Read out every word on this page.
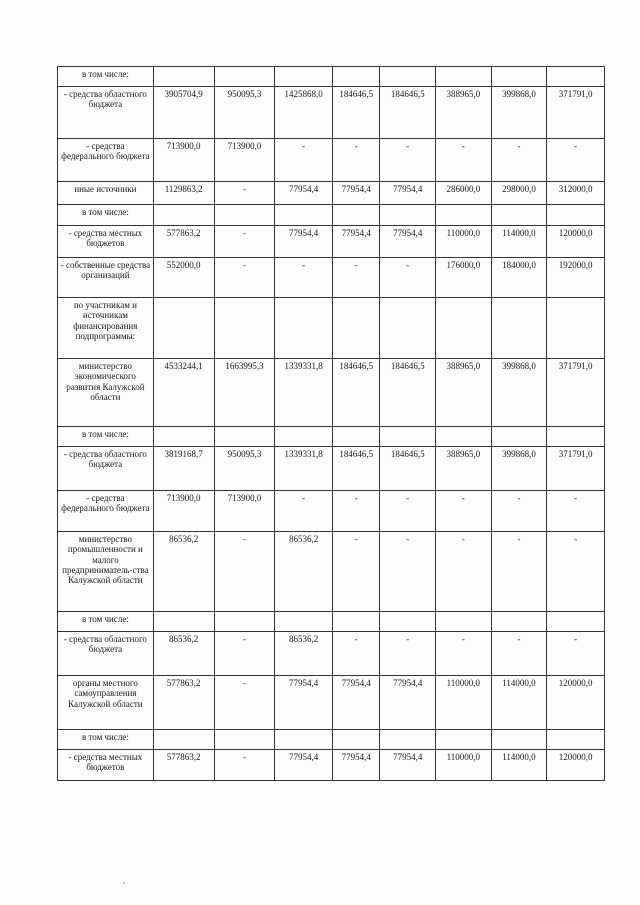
в том числе:								
- средства областного бюджета	3905704,9	950095,3	1425868,0	184646,5	184646,5	388965,0	399868,0	371791,0
- средства федерального бюджета	713900,0	713900,0	-	-	-	-	-	-
иные источники	1129863,2	-	77954,4	77954,4	77954,4	286000,0	298000,0	312000,0
в том числе:								
- средства местных бюджетов	577863,2	-	77954,4	77954,4	77954,4	110000,0	114000,0	120000,0
- собственные средства организаций	552000,0	-	-	-	-	176000,0	184000,0	192000,0
по участникам и источникам финансирования подпрограммы:								
министерство экономического развития Калужской области	4533244,1	1663995,3	1339331,8	184646,5	184646,5	388965,0	399868,0	371791,0
в том числе:								
- средства областного бюджета	3819168,7	950095,3	1339331,8	184646,5	184646,5	388965,0	399868,0	371791,0
- средства федерального бюджета	713900,0	713900,0	-	-	-	-	-	-
министерство промышленности и малого предприниматель-ства Калужской области	86536,2	-	86536,2	-	-	-	-	-
в том числе:								
- средства областного бюджета	86536,2	-	86536,2	-	-	-	-	-
органы местного самоуправления Калужской области	577863,2	-	77954,4	77954,4	77954,4	110000,0	114000,0	120000,0
в том числе:								
- средства местных бюджетов	577863,2	-	77954,4	77954,4	77954,4	110000,0	114000,0	120000,0
